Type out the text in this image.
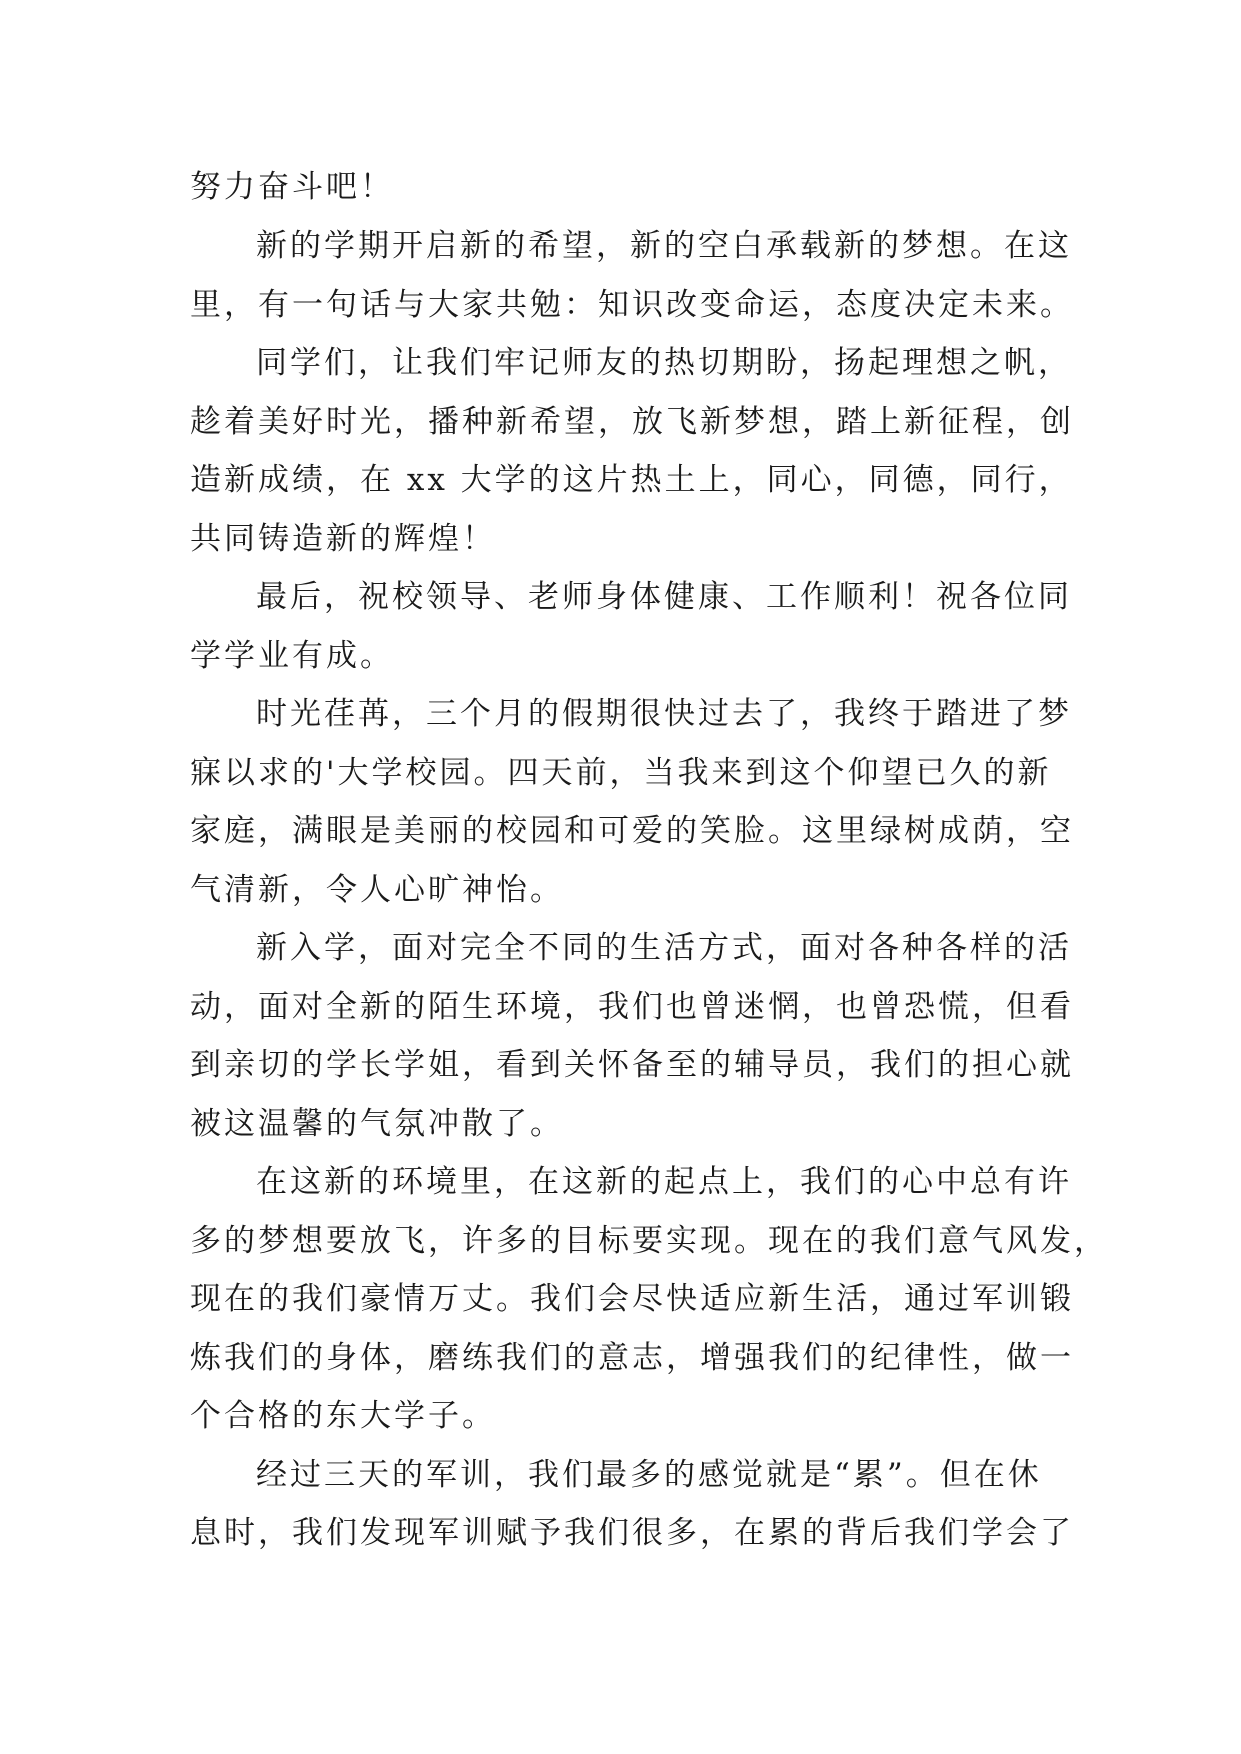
努力奋斗吧！
新的学期开启新的希望，新的空白承载新的梦想。在这
里，有一句话与大家共勉：知识改变命运，态度决定未来。
同学们，让我们牢记师友的热切期盼，扬起理想之帆，
趁着美好时光，播种新希望，放飞新梦想，踏上新征程，创
造新成绩，在 xx 大学的这片热土上，同心，同德，同行，
共同铸造新的辉煌！
最后，祝校领导、老师身体健康、工作顺利！祝各位同
学学业有成。
时光荏苒，三个月的假期很快过去了，我终于踏进了梦
寐以求的'大学校园。四天前，当我来到这个仰望已久的新
家庭，满眼是美丽的校园和可爱的笑脸。这里绿树成荫，空
气清新，令人心旷神怡。
新入学，面对完全不同的生活方式，面对各种各样的活
动，面对全新的陌生环境，我们也曾迷惘，也曾恐慌，但看
到亲切的学长学姐，看到关怀备至的辅导员，我们的担心就
被这温馨的气氛冲散了。
在这新的环境里，在这新的起点上，我们的心中总有许
多的梦想要放飞，许多的目标要实现。现在的我们意气风发，
现在的我们豪情万丈。我们会尽快适应新生活，通过军训锻
炼我们的身体，磨练我们的意志，增强我们的纪律性，做一
个合格的东大学子。
经过三天的军训，我们最多的感觉就是“累”。但在休
息时，我们发现军训赋予我们很多，在累的背后我们学会了
